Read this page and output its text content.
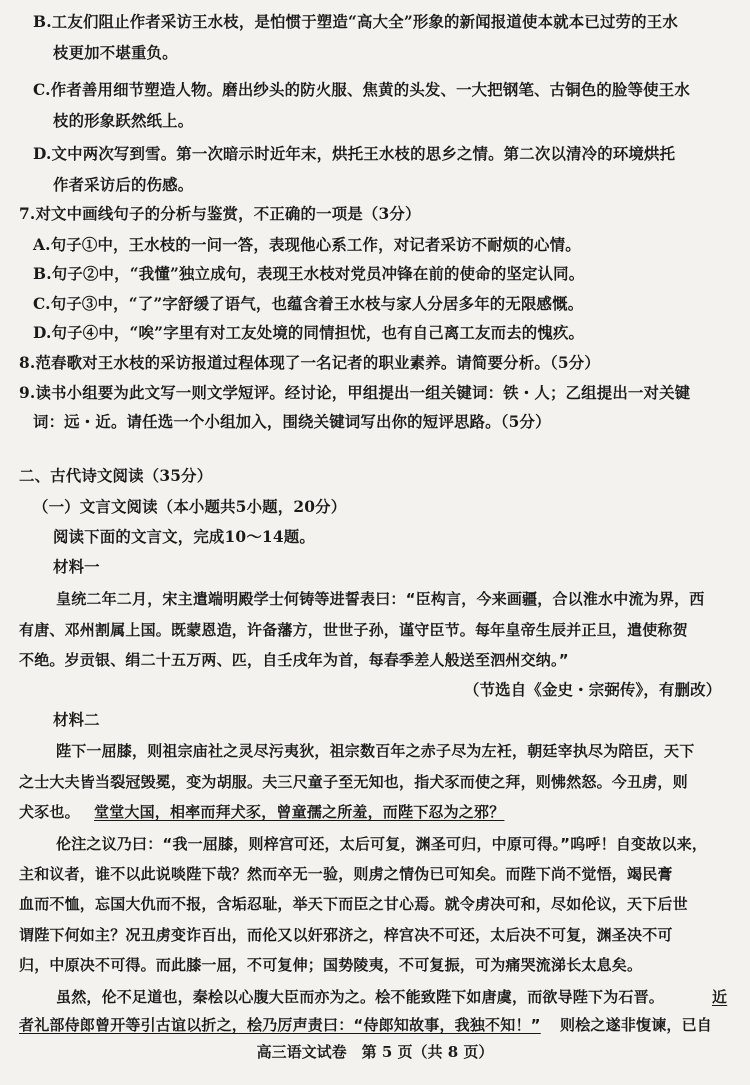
B.工友们阻止作者采访王水枝，是怕惯于塑造“高大全”形象的新闻报道使本就本已过劳的王水

枝更加不堪重负。

C.作者善用细节塑造人物。磨出纱头的防火服、焦黄的头发、一大把钢笔、古铜色的脸等使王水

枝的形象跃然纸上。

D.文中两次写到雪。第一次暗示时近年末，烘托王水枝的思乡之情。第二次以清冷的环境烘托

作者采访后的伤感。

7.对文中画线句子的分析与鉴赏，不正确的一项是（3分）

A.句子①中，王水枝的一问一答，表现他心系工作，对记者采访不耐烦的心情。

B.句子②中，“我懂”独立成句，表现王水枝对党员冲锋在前的使命的坚定认同。

C.句子③中，“了”字舒缓了语气，也蕴含着王水枝与家人分居多年的无限感慨。

D.句子④中，“唉”字里有对工友处境的同情担忧，也有自己离工友而去的愧疚。

8.范春歌对王水枝的采访报道过程体现了一名记者的职业素养。请简要分析。（5分）

9.读书小组要为此文写一则文学短评。经讨论，甲组提出一组关键词：铁・人；乙组提出一对关键

词：远・近。请任选一个小组加入，围绕关键词写出你的短评思路。（5分）

二、古代诗文阅读（35分）

（一）文言文阅读（本小题共5小题，20分）

阅读下面的文言文，完成10～14题。

材料一

皇统二年二月，宋主遣端明殿学士何铸等进誓表曰：“臣构言，今来画疆，合以淮水中流为界，西

有唐、邓州割属上国。既蒙恩造，许备藩方，世世子孙，谨守臣节。每年皇帝生辰并正旦，遣使称贺

不绝。岁贡银、绢二十五万两、匹，自壬戌年为首，每春季差人般送至泗州交纳。”

（节选自《金史・宗弼传》，有删改）

材料二

陛下一屈膝，则祖宗庙社之灵尽污夷狄，祖宗数百年之赤子尽为左衽，朝廷宰执尽为陪臣，天下

之士大夫皆当裂冠毁冕，变为胡服。夫三尺童子至无知也，指犬豕而使之拜，则怫然怒。今丑虏，则

犬豕也。 堂堂大国，相率而拜犬豕，曾童孺之所羞，而陛下忍为之邪？

伦注之议乃曰：“我一屈膝，则梓宫可还，太后可复，渊圣可归，中原可得。”呜呼！自变故以来，

主和议者，谁不以此说啖陛下哉？然而卒无一验，则虏之情伪已可知矣。而陛下尚不觉悟，竭民膏

血而不恤，忘国大仇而不报，含垢忍耻，举天下而臣之甘心焉。就令虏决可和，尽如伦议，天下后世

谓陛下何如主？况丑虏变诈百出，而伦又以奸邪济之，梓宫决不可还，太后决不可复，渊圣决不可

归，中原决不可得。而此膝一屈，不可复伸；国势陵夷，不可复振，可为痛哭流涕长太息矣。

虽然，伦不足道也，秦桧以心腹大臣而亦为之。桧不能致陛下如唐虞，而欲导陛下为石晋。	近

者礼部侍郎曾开等引古谊以折之，桧乃厉声责曰：“侍郎知故事，我独不知！” 则桧之遂非愎谏，已自

高三语文试卷　第 5 页（共 8 页）
